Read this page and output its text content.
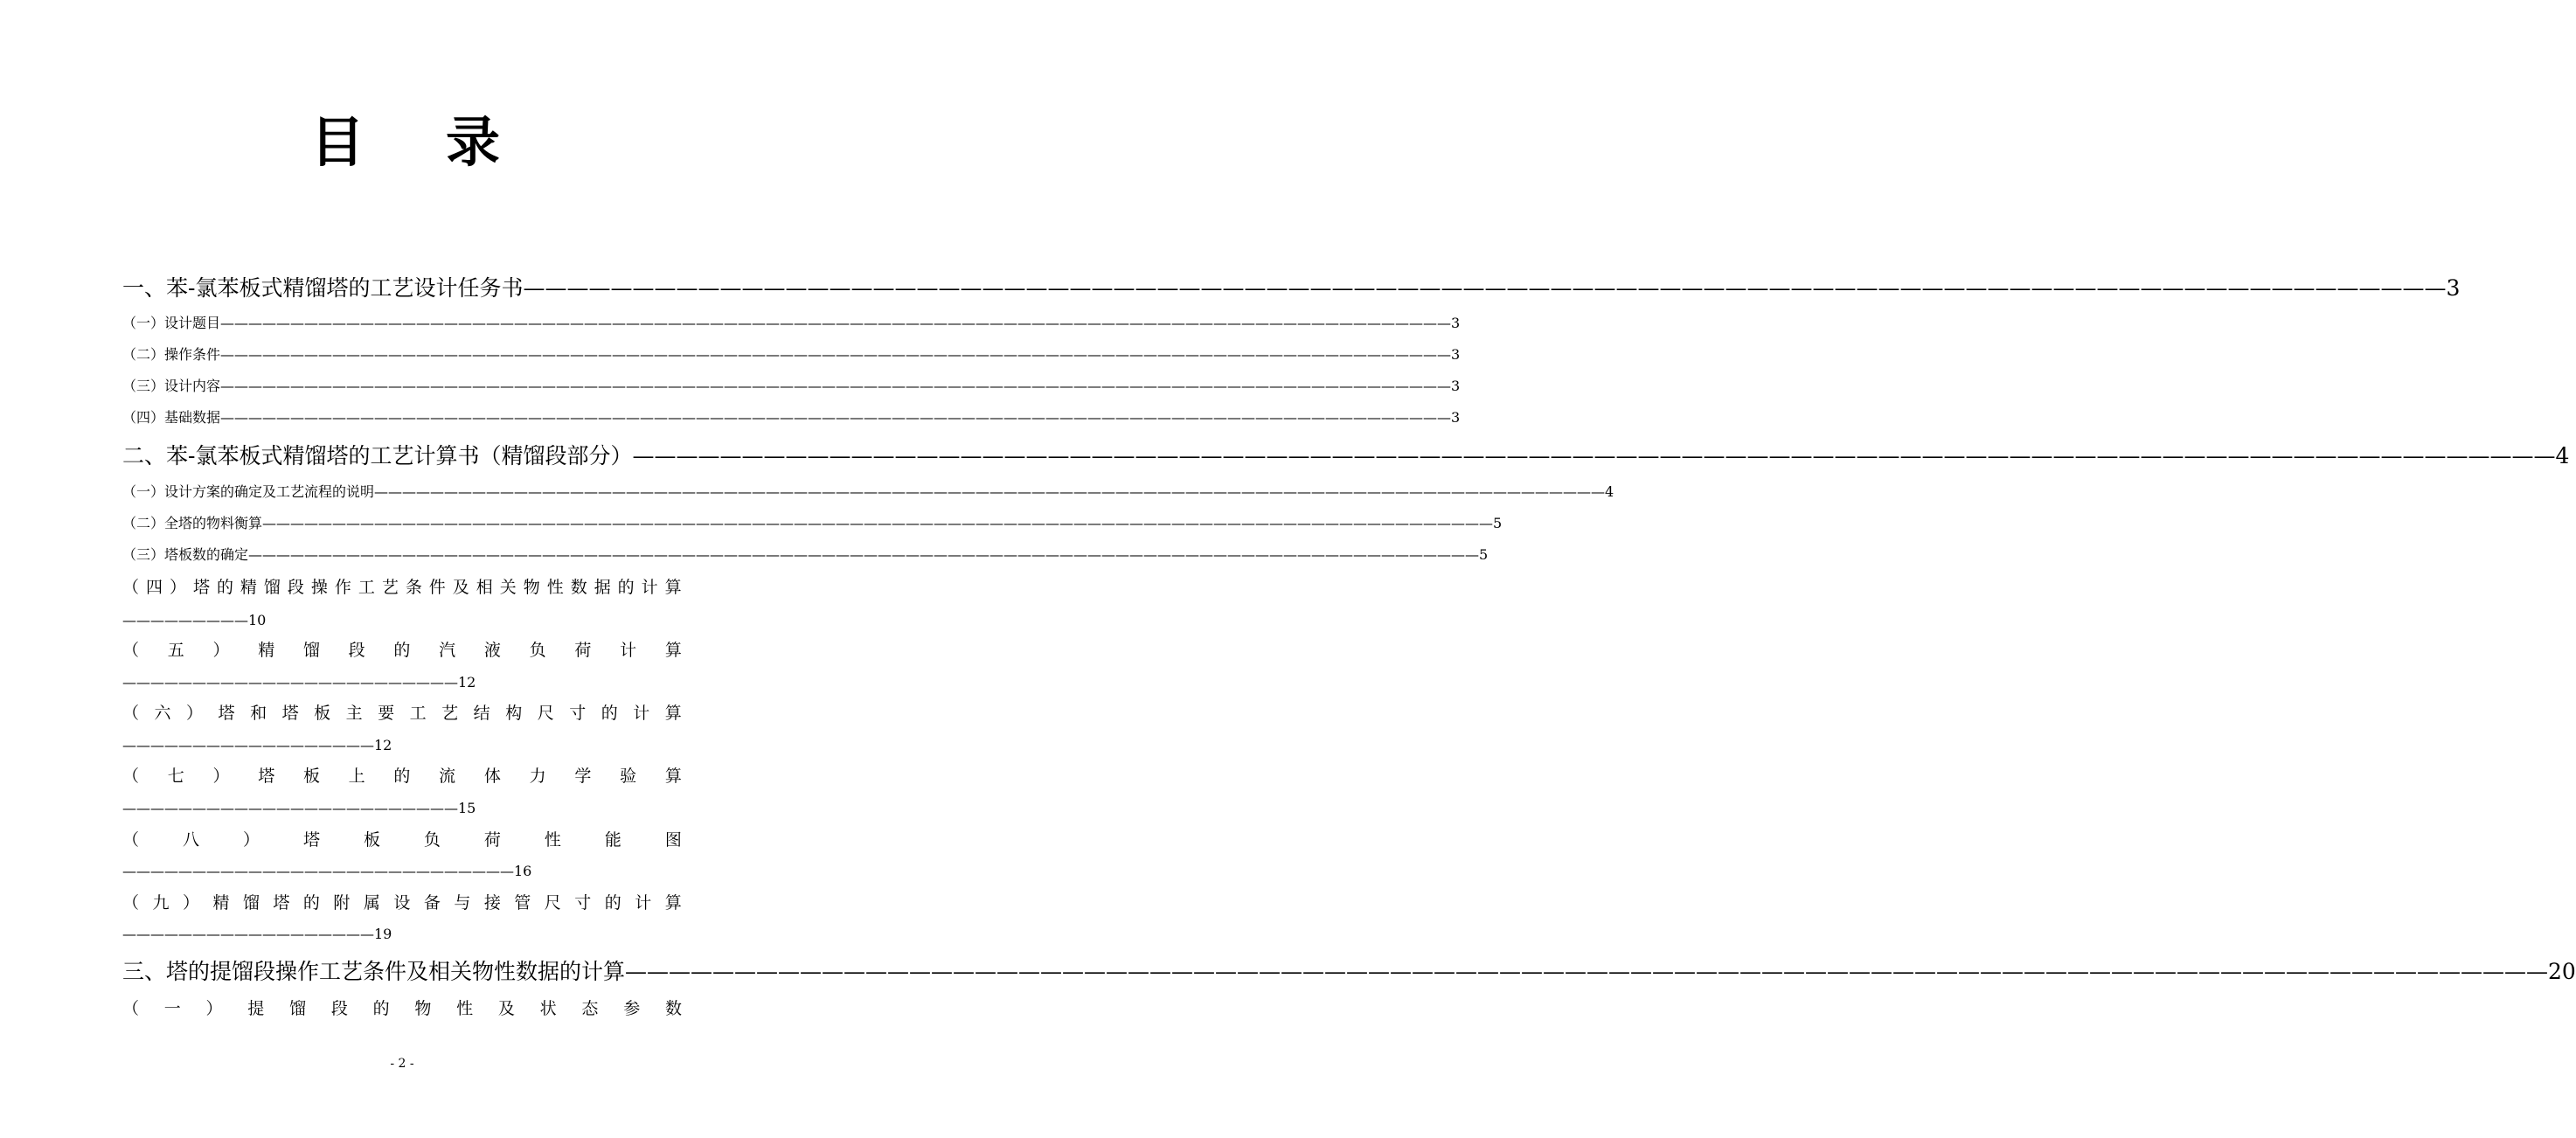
目 录
一、苯-氯苯板式精馏塔的工艺设计任务书 —————	3
（一）设计题目 —————	3
（二）操作条件 —————	3
（三）设计内容 —————	3
（四）基础数据 —————	3
二、苯-氯苯板式精馏塔的工艺计算书（精馏段部分） —————	4
（一）设计方案的确定及工艺流程的说明 —————	4
（二）全塔的物料衡算 —————	5
（三）塔板数的确定 —————	5
（ 四 ） 塔 的 精 馏 段 操 作 工 艺 条 件 及 相 关 物 性 数 据 的 计 算
————————— 10
（ 五 ） 精 馏 段 的 汽 液 负 荷 计 算
———————————————————————— 12
（ 六 ） 塔 和 塔 板 主 要 工 艺 结 构 尺 寸 的 计 算
—————————————————— 12
（ 七 ） 塔 板 上 的 流 体 力 学 验 算
———————————————————————— 15
（	八	）	塔	板	负	荷	性	能	图
———————————————————————————— 16
（ 九 ） 精 馏 塔 的 附 属 设 备 与 接 管 尺 寸 的 计 算
—————————————————— 19
三、塔的提馏段操作工艺条件及相关物性数据的计算 —————	20
（ 一 ） 提 馏 段 的 物 性 及 状 态 参 数
- 2 -
